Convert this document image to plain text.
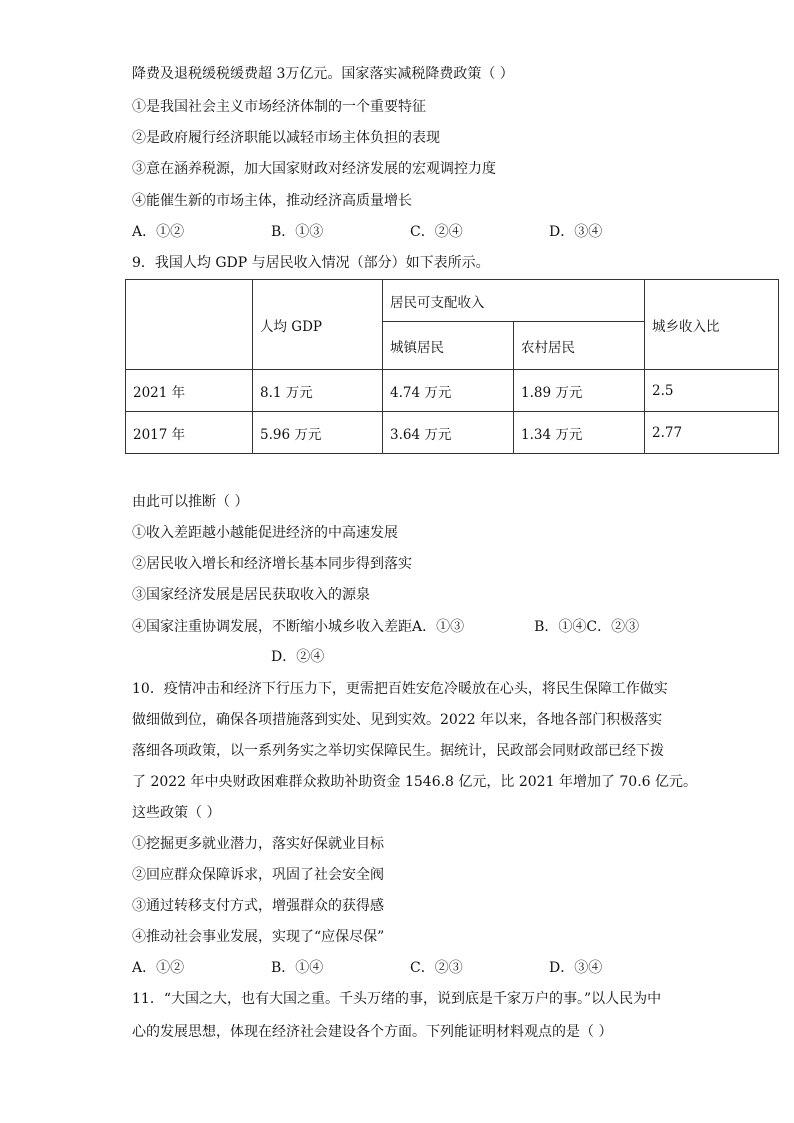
降费及退税缓税缓费超 3万亿元。国家落实减税降费政策（ ）
①是我国社会主义市场经济体制的一个重要特征
②是政府履行经济职能以减轻市场主体负担的表现
③意在涵养税源，加大国家财政对经济发展的宏观调控力度
④能催生新的市场主体，推动经济高质量增长
A．①②	B．①③	C．②④	D．③④
9．我国人均 GDP 与居民收入情况（部分）如下表所示。
	人均 GDP	居民可支配收入		城乡收入比
		城镇居民	农村居民	
2021 年	8.1 万元	4.74 万元	1.89 万元	2.5
2017 年	5.96 万元	3.64 万元	1.34 万元	2.77
由此可以推断（ ）
①收入差距越小越能促进经济的中高速发展
②居民收入增长和经济增长基本同步得到落实
③国家经济发展是居民获取收入的源泉
④国家注重协调发展，不断缩小城乡收入差距A．①③	B．①④C．②③
D．②④
10．疫情冲击和经济下行压力下，更需把百姓安危冷暖放在心头，将民生保障工作做实
做细做到位，确保各项措施落到实处、见到实效。2022 年以来，各地各部门积极落实
落细各项政策，以一系列务实之举切实保障民生。据统计，民政部会同财政部已经下拨
了 2022 年中央财政困难群众救助补助资金 1546.8 亿元，比 2021 年增加了 70.6 亿元。
这些政策（ ）
①挖掘更多就业潜力，落实好保就业目标
②回应群众保障诉求，巩固了社会安全阀
③通过转移支付方式，增强群众的获得感
④推动社会事业发展，实现了“应保尽保”
A．①②	B．①④	C．②③	D．③④
11．“大国之大，也有大国之重。千头万绪的事，说到底是千家万户的事。”以人民为中
心的发展思想，体现在经济社会建设各个方面。下列能证明材料观点的是（ ）
